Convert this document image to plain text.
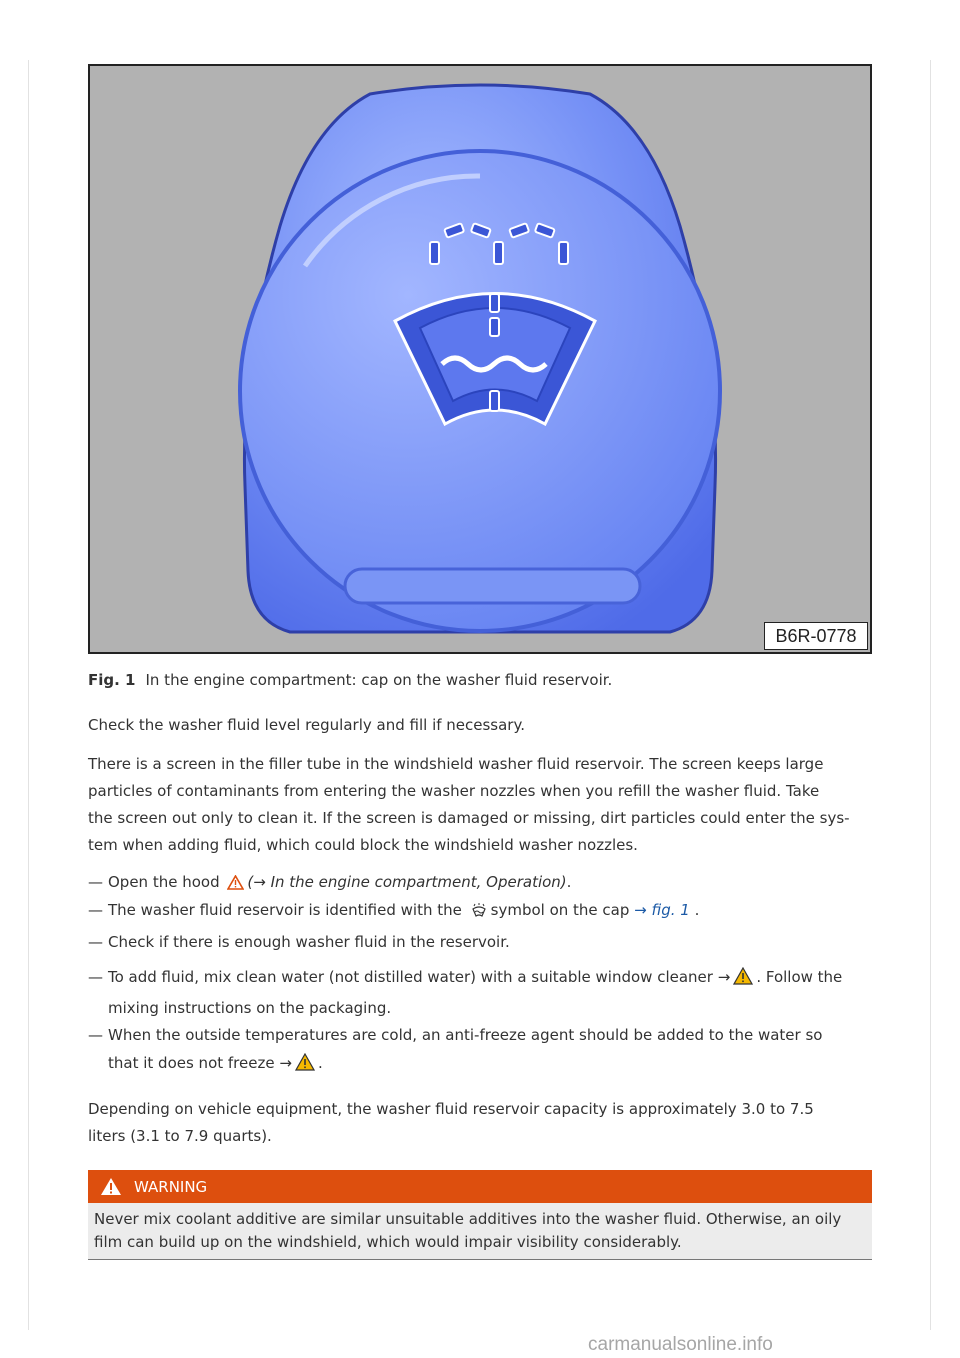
B6R-0778
Fig. 1 In the engine compartment: cap on the washer fluid reservoir.
Check the washer fluid level regularly and fill if necessary.
There is a screen in the filler tube in the windshield washer fluid reservoir. The screen keeps large
particles of contaminants from entering the washer nozzles when you refill the washer fluid. Take
the screen out only to clean it. If the screen is damaged or missing, dirt particles could enter the sys-
tem when adding fluid, which could block the windshield washer nozzles.
— Open the hood (→ In the engine compartment, Operation).
— The washer fluid reservoir is identified with the symbol on the cap → fig. 1 .
— Check if there is enough washer fluid in the reservoir.
— To add fluid, mix clean water (not distilled water) with a suitable window cleaner → . Follow the
mixing instructions on the packaging.
— When the outside temperatures are cold, an anti-freeze agent should be added to the water so
that it does not freeze → .
Depending on vehicle equipment, the washer fluid reservoir capacity is approximately 3.0 to 7.5
liters (3.1 to 7.9 quarts).
WARNING
Never mix coolant additive are similar unsuitable additives into the washer fluid. Otherwise, an oily
film can build up on the windshield, which would impair visibility considerably.
carmanualsonline.info
